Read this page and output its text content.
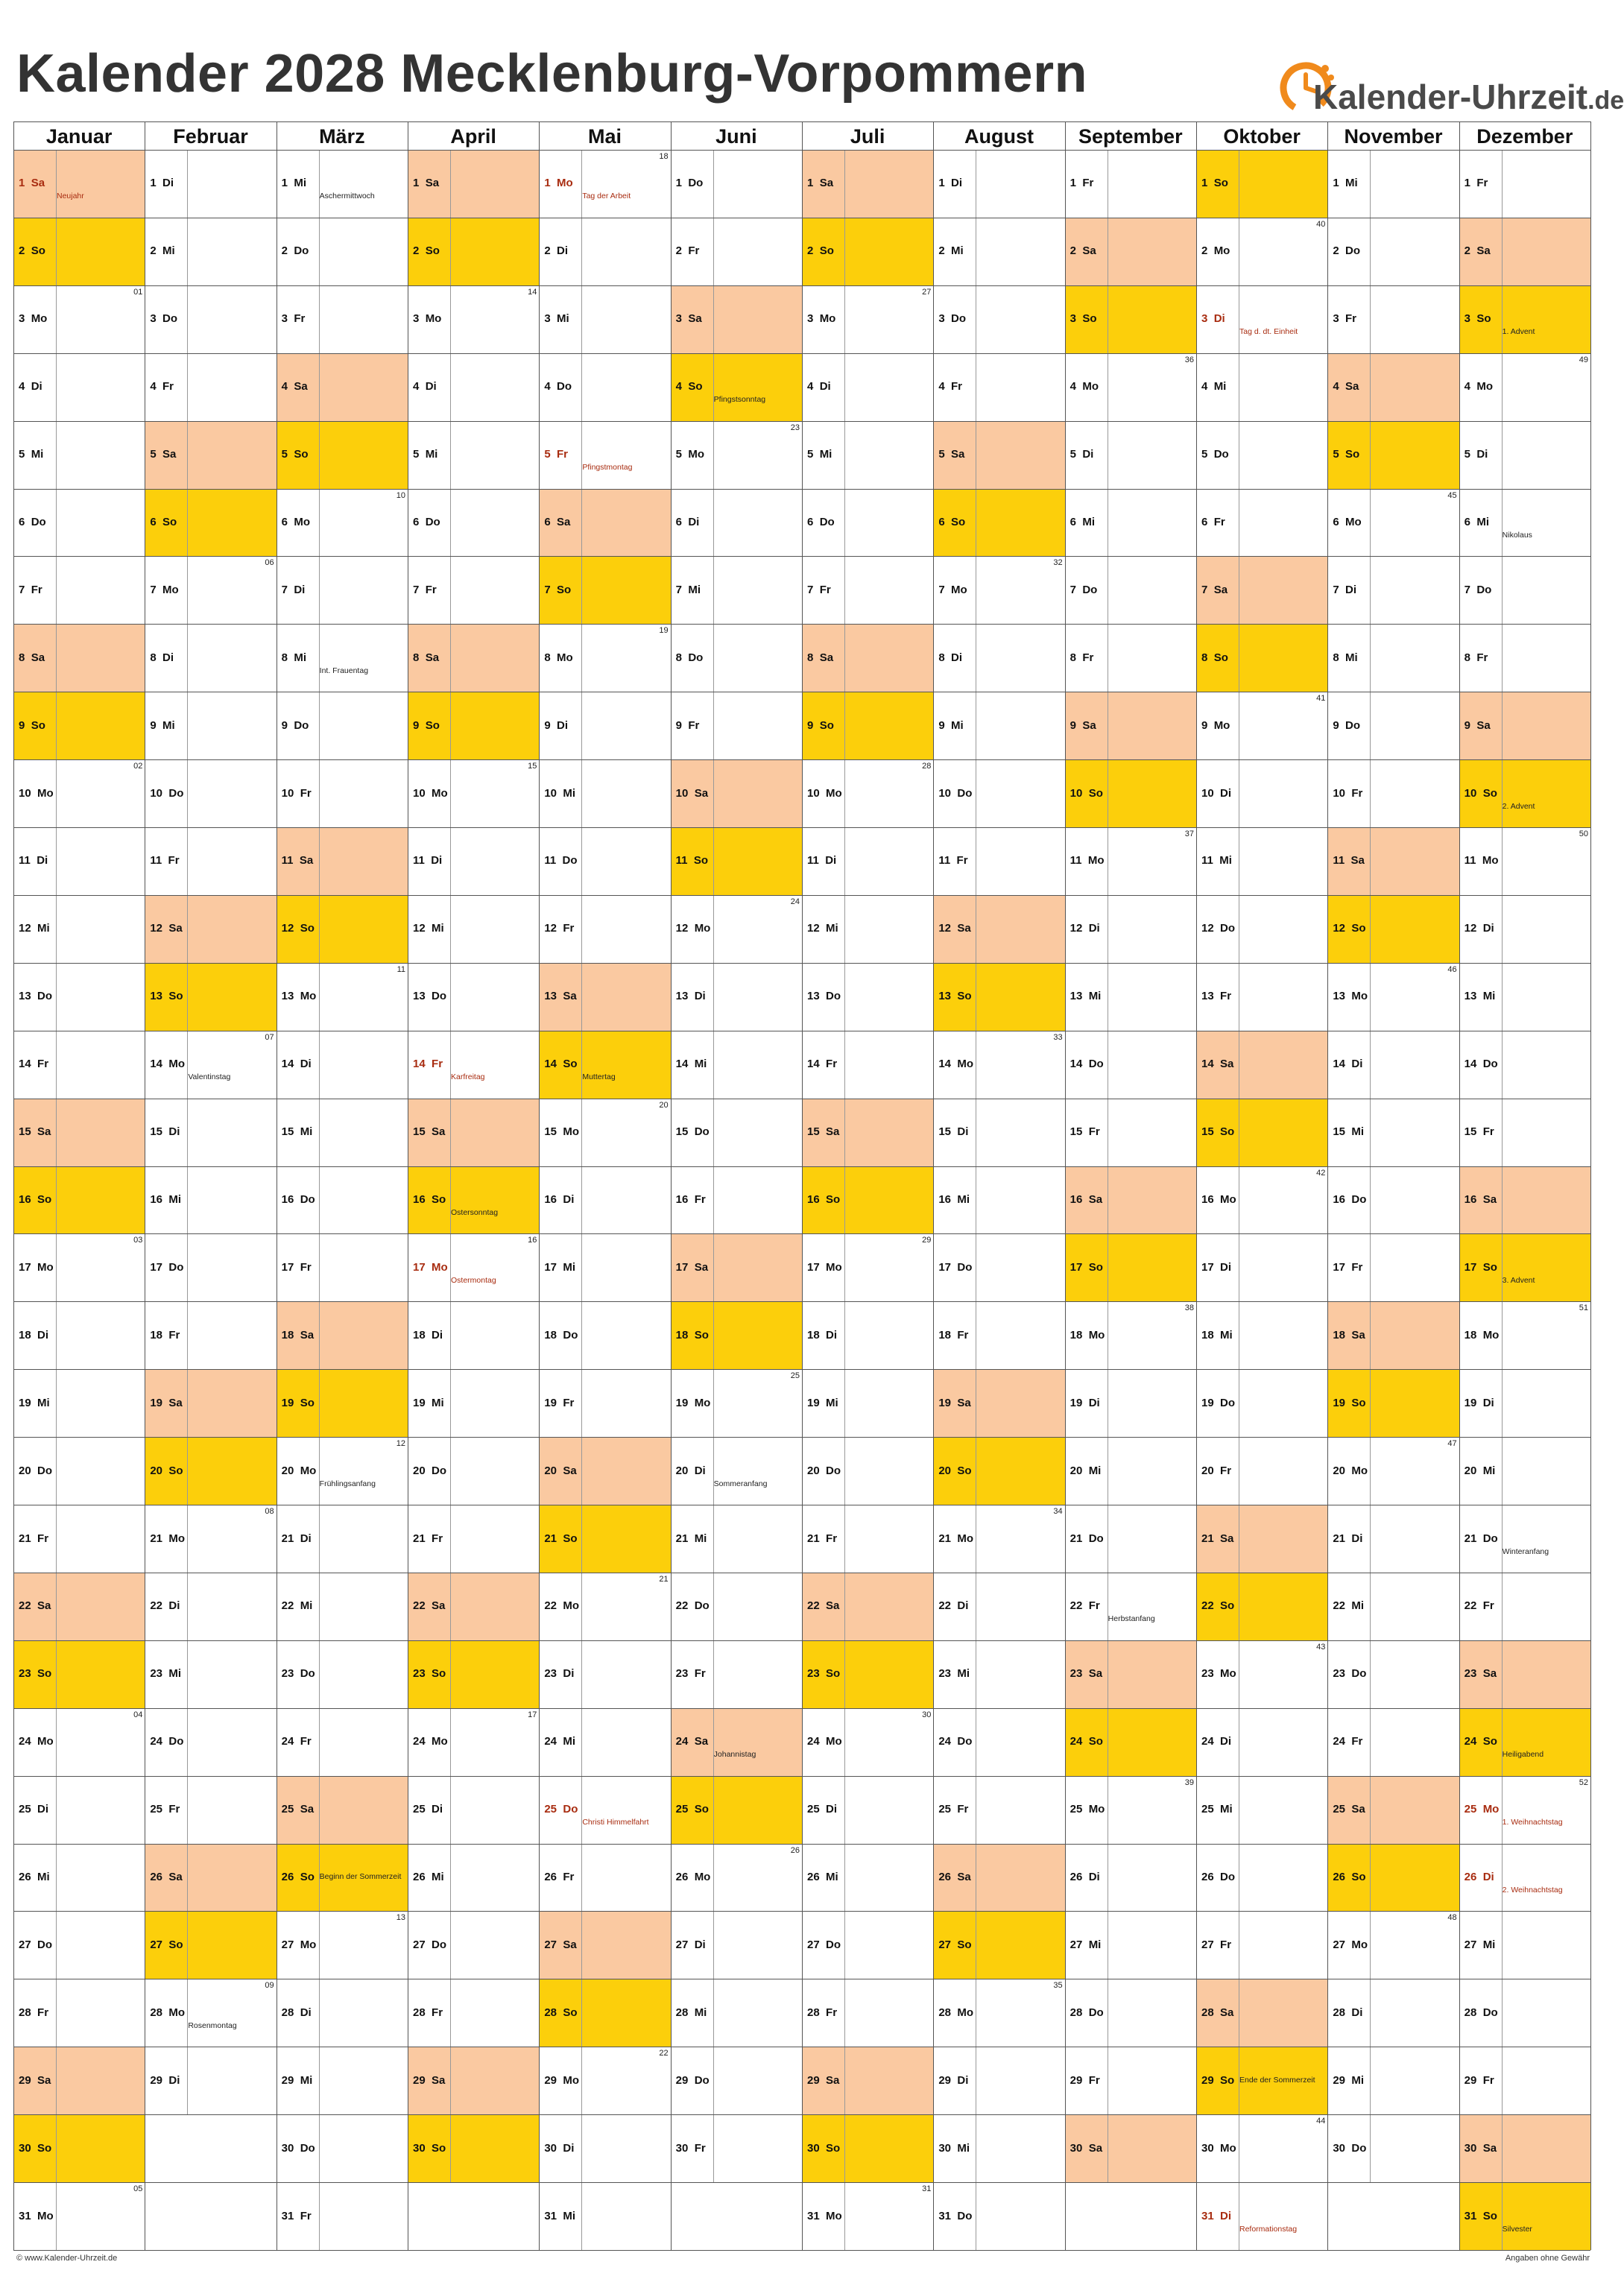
Kalender 2028 Mecklenburg-Vorpommern	Kalender-Uhrzeit.de
Januar
1  Sa
Neujahr
2  So
3  Mo
01
4  Di
5  Mi
6  Do
7  Fr
8  Sa
9  So
10  Mo
02
11  Di
12  Mi
13  Do
14  Fr
15  Sa
16  So
17  Mo
03
18  Di
19  Mi
20  Do
21  Fr
22  Sa
23  So
24  Mo
04
25  Di
26  Mi
27  Do
28  Fr
29  Sa
30  So
31  Mo
05
Februar
1  Di
2  Mi
3  Do
4  Fr
5  Sa
6  So
7  Mo
06
8  Di
9  Mi
10  Do
11  Fr
12  Sa
13  So
14  Mo
07
Valentinstag
15  Di
16  Mi
17  Do
18  Fr
19  Sa
20  So
21  Mo
08
22  Di
23  Mi
24  Do
25  Fr
26  Sa
27  So
28  Mo
09
Rosenmontag
29  Di
März
1  Mi
Aschermittwoch
2  Do
3  Fr
4  Sa
5  So
6  Mo
10
7  Di
8  Mi
Int. Frauentag
9  Do
10  Fr
11  Sa
12  So
13  Mo
11
14  Di
15  Mi
16  Do
17  Fr
18  Sa
19  So
20  Mo
12
Frühlingsanfang
21  Di
22  Mi
23  Do
24  Fr
25  Sa
26  So Beginn der Sommerzeit
27  Mo
13
28  Di
29  Mi
30  Do
31  Fr
April
1  Sa
2  So
3  Mo
14
4  Di
5  Mi
6  Do
7  Fr
8  Sa
9  So
10  Mo
15
11  Di
12  Mi
13  Do
14  Fr
Karfreitag
15  Sa
16  So
Ostersonntag
17  Mo
16
Ostermontag
18  Di
19  Mi
20  Do
21  Fr
22  Sa
23  So
24  Mo
17
25  Di
26  Mi
27  Do
28  Fr
29  Sa
30  So
Mai
1  Mo
18
Tag der Arbeit
2  Di
3  Mi
4  Do
5  Fr
Pfingstmontag
6  Sa
7  So
8  Mo
19
9  Di
10  Mi
11  Do
12  Fr
13  Sa
14  So
Muttertag
15  Mo
20
16  Di
17  Mi
18  Do
19  Fr
20  Sa
21  So
22  Mo
21
23  Di
24  Mi
25  Do
Christi Himmelfahrt
26  Fr
27  Sa
28  So
29  Mo
22
30  Di
31  Mi
Juni
1  Do
2  Fr
3  Sa
4  So
Pfingstsonntag
5  Mo
23
6  Di
7  Mi
8  Do
9  Fr
10  Sa
11  So
12  Mo
24
13  Di
14  Mi
15  Do
16  Fr
17  Sa
18  So
19  Mo
25
20  Di
Sommeranfang
21  Mi
22  Do
23  Fr
24  Sa
Johannistag
25  So
26  Mo
26
27  Di
28  Mi
29  Do
30  Fr
Juli
1  Sa
2  So
3  Mo
27
4  Di
5  Mi
6  Do
7  Fr
8  Sa
9  So
10  Mo
28
11  Di
12  Mi
13  Do
14  Fr
15  Sa
16  So
17  Mo
29
18  Di
19  Mi
20  Do
21  Fr
22  Sa
23  So
24  Mo
30
25  Di
26  Mi
27  Do
28  Fr
29  Sa
30  So
31  Mo
31
August
1  Di
2  Mi
3  Do
4  Fr
5  Sa
6  So
7  Mo
32
8  Di
9  Mi
10  Do
11  Fr
12  Sa
13  So
14  Mo
33
15  Di
16  Mi
17  Do
18  Fr
19  Sa
20  So
21  Mo
34
22  Di
23  Mi
24  Do
25  Fr
26  Sa
27  So
28  Mo
35
29  Di
30  Mi
31  Do
September
1  Fr
2  Sa
3  So
4  Mo
36
5  Di
6  Mi
7  Do
8  Fr
9  Sa
10  So
11  Mo
37
12  Di
13  Mi
14  Do
15  Fr
16  Sa
17  So
18  Mo
38
19  Di
20  Mi
21  Do
22  Fr
Herbstanfang
23  Sa
24  So
25  Mo
39
26  Di
27  Mi
28  Do
29  Fr
30  Sa
Oktober
1  So
2  Mo
40
3  Di
Tag d. dt. Einheit
4  Mi
5  Do
6  Fr
7  Sa
8  So
9  Mo
41
10  Di
11  Mi
12  Do
13  Fr
14  Sa
15  So
16  Mo
42
17  Di
18  Mi
19  Do
20  Fr
21  Sa
22  So
23  Mo
43
24  Di
25  Mi
26  Do
27  Fr
28  Sa
29  So Ende der Sommerzeit
30  Mo
44
31  Di
Reformationstag
November
1  Mi
2  Do
3  Fr
4  Sa
5  So
6  Mo
45
7  Di
8  Mi
9  Do
10  Fr
11  Sa
12  So
13  Mo
46
14  Di
15  Mi
16  Do
17  Fr
18  Sa
19  So
20  Mo
47
21  Di
22  Mi
23  Do
24  Fr
25  Sa
26  So
27  Mo
48
28  Di
29  Mi
30  Do
Dezember
1  Fr
2  Sa
3  So
1. Advent
4  Mo
49
5  Di
6  Mi
Nikolaus
7  Do
8  Fr
9  Sa
10  So
2. Advent
11  Mo
50
12  Di
13  Mi
14  Do
15  Fr
16  Sa
17  So
3. Advent
18  Mo
51
19  Di
20  Mi
21  Do
Winteranfang
22  Fr
23  Sa
24  So
Heiligabend
25  Mo
52
1. Weihnachtstag
26  Di
2. Weihnachtstag
27  Mi
28  Do
29  Fr
30  Sa
31  So
Silvester
© www.Kalender-Uhrzeit.de	Angaben ohne Gewähr
